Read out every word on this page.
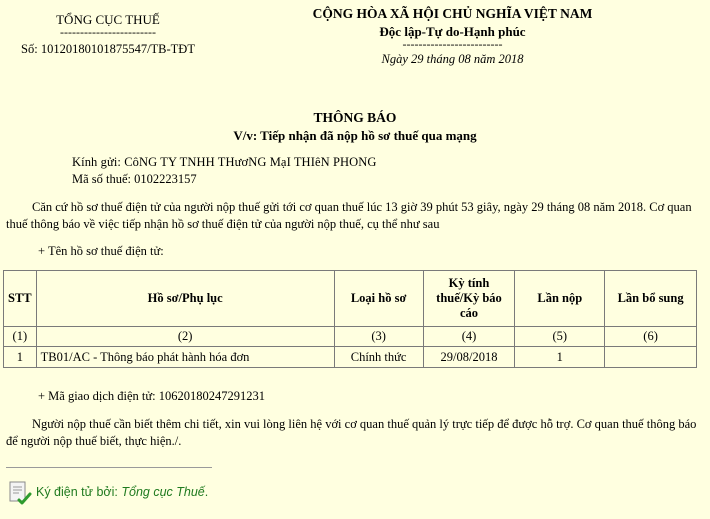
TỔNG CỤC THUẾ
------------------------
Số: 10120180101875547/TB-TĐT
CỘNG HÒA XÃ HỘI CHỦ NGHĨA VIỆT NAM
Độc lập-Tự do-Hạnh phúc
-------------------------
Ngày 29 tháng 08 năm 2018
THÔNG BÁO
V/v: Tiếp nhận đã nộp hồ sơ thuế qua mạng
Kính gửi: CôNG TY TNHH THươNG MạI THIêN PHONG
Mã số thuế: 0102223157
Căn cứ hồ sơ thuế điện tử của người nộp thuế gửi tới cơ quan thuế lúc 13 giờ 39 phút 53 giây, ngày 29 tháng 08 năm 2018. Cơ quan thuế thông báo về việc tiếp nhận hồ sơ thuế điện tử của người nộp thuế, cụ thể như sau
+ Tên hồ sơ thuế điện tử:
STT	Hồ sơ/Phụ lục	Loại hồ sơ	Kỳ tính thuế/Kỳ báo cáo	Lần nộp	Lần bổ sung
(1)	(2)	(3)	(4)	(5)	(6)
1	TB01/AC - Thông báo phát hành hóa đơn	Chính thức	29/08/2018	1	
+ Mã giao dịch điện tử: 10620180247291231
Người nộp thuế cần biết thêm chi tiết, xin vui lòng liên hệ với cơ quan thuế quản lý trực tiếp để được hỗ trợ. Cơ quan thuế thông báo để người nộp thuế biết, thực hiện./.
Ký điện tử bởi: Tổng cục Thuế.
